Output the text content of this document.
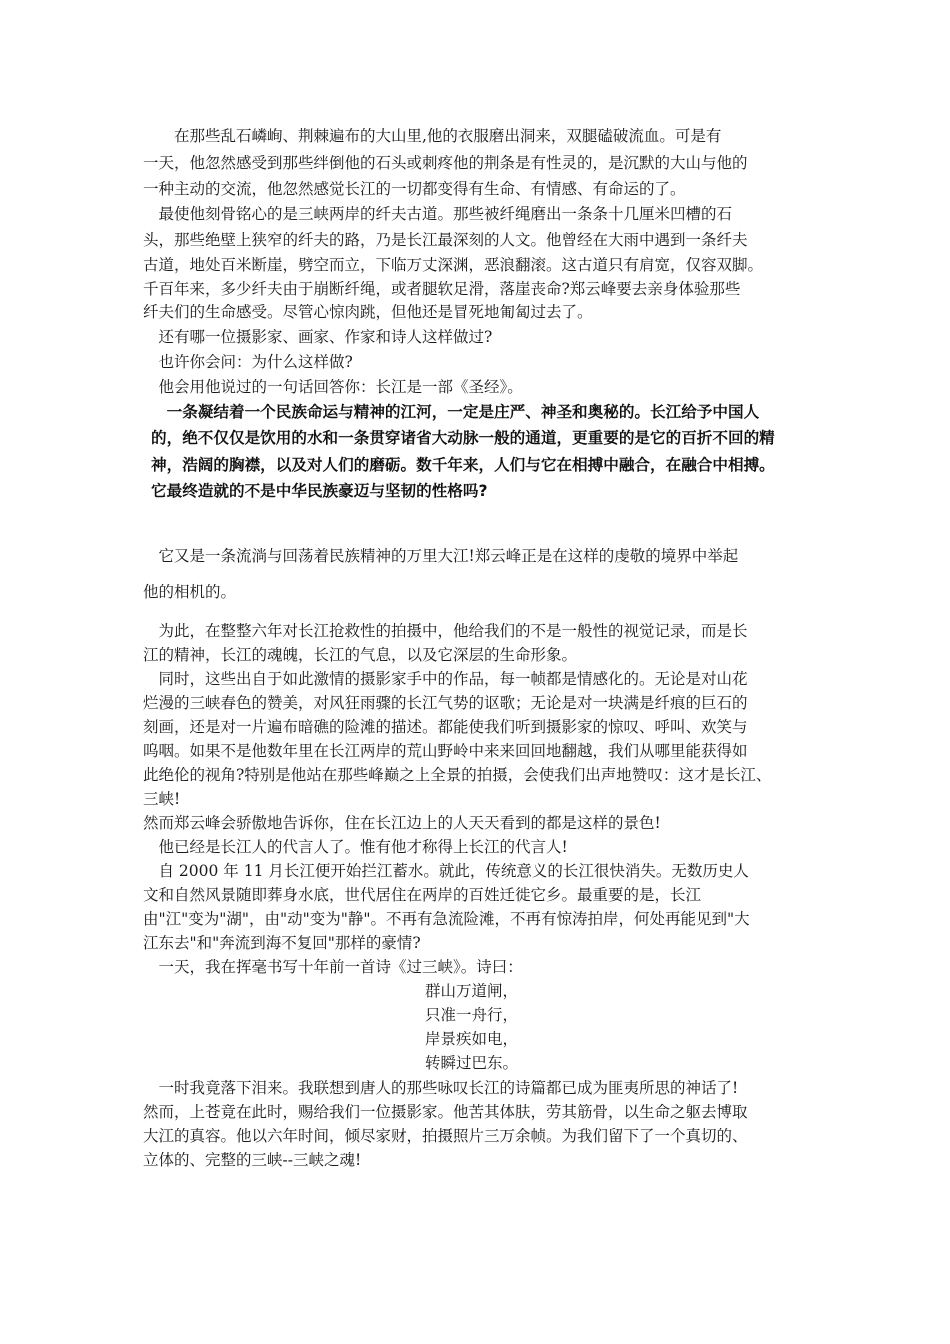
　　在那些乱石嶙峋、荆棘遍布的大山里,他的衣服磨出洞来，双腿磕破流血。可是有
一天，他忽然感受到那些绊倒他的石头或刺疼他的荆条是有性灵的，是沉默的大山与他的
一种主动的交流，他忽然感觉长江的一切都变得有生命、有情感、有命运的了。
　最使他刻骨铭心的是三峡两岸的纤夫古道。那些被纤绳磨出一条条十几厘米凹槽的石
头，那些绝壁上狭窄的纤夫的路，乃是长江最深刻的人文。他曾经在大雨中遇到一条纤夫
古道，地处百米断崖，劈空而立，下临万丈深渊，恶浪翻滚。这古道只有肩宽，仅容双脚。
千百年来，多少纤夫由于崩断纤绳，或者腿软足滑，落崖丧命?郑云峰要去亲身体验那些
纤夫们的生命感受。尽管心惊肉跳，但他还是冒死地匍匐过去了。
　还有哪一位摄影家、画家、作家和诗人这样做过?
　也许你会问：为什么这样做?
　他会用他说过的一句话回答你：长江是一部《圣经》。
　一条凝结着一个民族命运与精神的江河，一定是庄严、神圣和奥秘的。长江给予中国人
的，绝不仅仅是饮用的水和一条贯穿诸省大动脉一般的通道，更重要的是它的百折不回的精
神，浩阔的胸襟，以及对人们的磨砺。数千年来，人们与它在相搏中融合，在融合中相搏。
它最终造就的不是中华民族豪迈与坚韧的性格吗?
　它又是一条流淌与回荡着民族精神的万里大江!郑云峰正是在这样的虔敬的境界中举起
他的相机的。
　为此，在整整六年对长江抢救性的拍摄中，他给我们的不是一般性的视觉记录，而是长
江的精神，长江的魂魄，长江的气息，以及它深层的生命形象。
　同时，这些出自于如此激情的摄影家手中的作品，每一帧都是情感化的。无论是对山花
烂漫的三峡春色的赞美，对风狂雨骤的长江气势的讴歌；无论是对一块满是纤痕的巨石的
刻画，还是对一片遍布暗礁的险滩的描述。都能使我们听到摄影家的惊叹、呼叫、欢笑与
呜咽。如果不是他数年里在长江两岸的荒山野岭中来来回回地翻越，我们从哪里能获得如
此绝伦的视角?特别是他站在那些峰巅之上全景的拍摄，会使我们出声地赞叹：这才是长江、
三峡!
然而郑云峰会骄傲地告诉你，住在长江边上的人天天看到的都是这样的景色!
　他已经是长江人的代言人了。惟有他才称得上长江的代言人!
　自 2000 年 11 月长江便开始拦江蓄水。就此，传统意义的长江很快消失。无数历史人
文和自然风景随即葬身水底，世代居住在两岸的百姓迁徙它乡。最重要的是，长江
由"江"变为"湖"，由"动"变为"静"。不再有急流险滩，不再有惊涛拍岸，何处再能见到"大
江东去"和"奔流到海不复回"那样的豪情?
　一天，我在挥毫书写十年前一首诗《过三峡》。诗曰：
群山万道闸，
只准一舟行，
岸景疾如电，
转瞬过巴东。
　一时我竟落下泪来。我联想到唐人的那些咏叹长江的诗篇都已成为匪夷所思的神话了!
然而，上苍竟在此时，赐给我们一位摄影家。他苦其体肤，劳其筋骨，以生命之躯去博取
大江的真容。他以六年时间，倾尽家财，拍摄照片三万余帧。为我们留下了一个真切的、
立体的、完整的三峡--三峡之魂!
